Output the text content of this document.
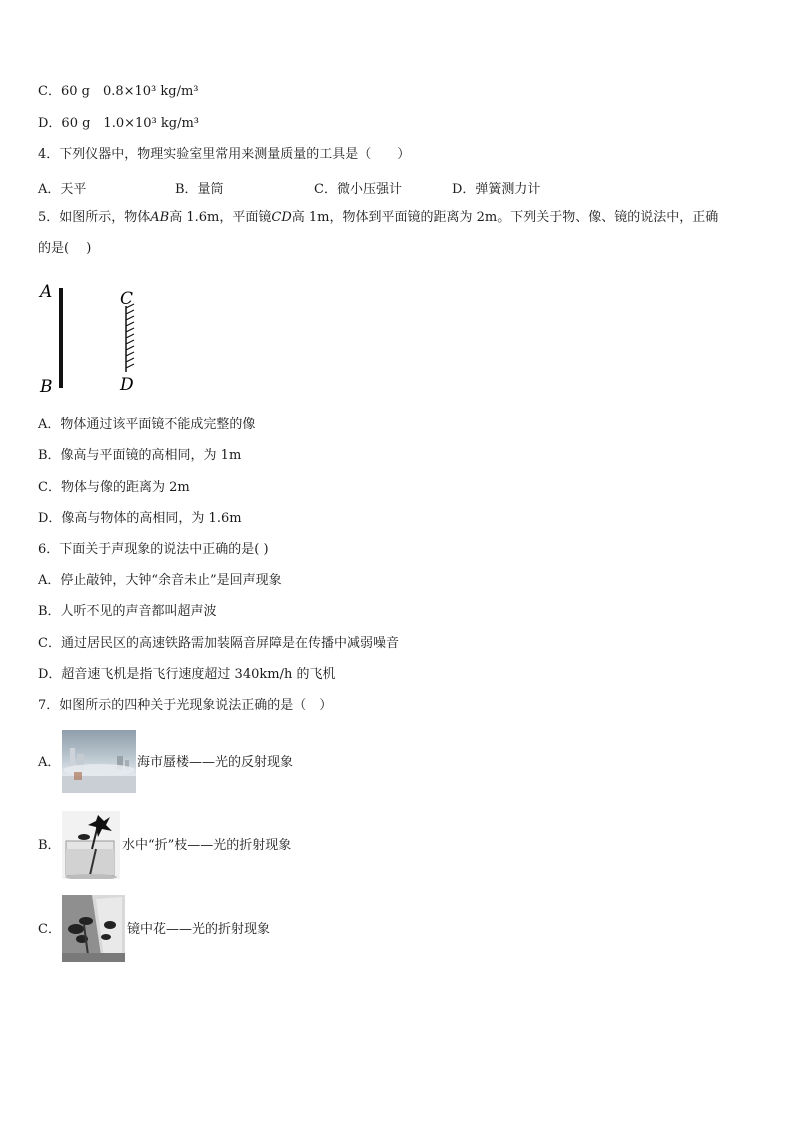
C．60 g　0.8×10³ kg/m³
D．60 g　1.0×10³ kg/m³
4．下列仪器中，物理实验室里常用来测量质量的工具是（　　）
A．天平	B．量筒	C．微小压强计	D．弹簧测力计
5．如图所示，物体AB高 1.6m，平面镜CD高 1m，物体到平面镜的距离为 2m。下列关于物、像、镜的说法中，正确
的是(　 )
A
B
C
D
A．物体通过该平面镜不能成完整的像
B．像高与平面镜的高相同，为 1m
C．物体与像的距离为 2m
D．像高与物体的高相同，为 1.6m
6．下面关于声现象的说法中正确的是( )
A．停止敲钟，大钟“余音未止”是回声现象
B．人听不见的声音都叫超声波
C．通过居民区的高速铁路需加装隔音屏障是在传播中减弱噪音
D．超音速飞机是指飞行速度超过 340km/h 的飞机
7．如图所示的四种关于光现象说法正确的是（　）
A．	海市蜃楼——光的反射现象
B．	水中“折”枝——光的折射现象
C．	镜中花——光的折射现象
